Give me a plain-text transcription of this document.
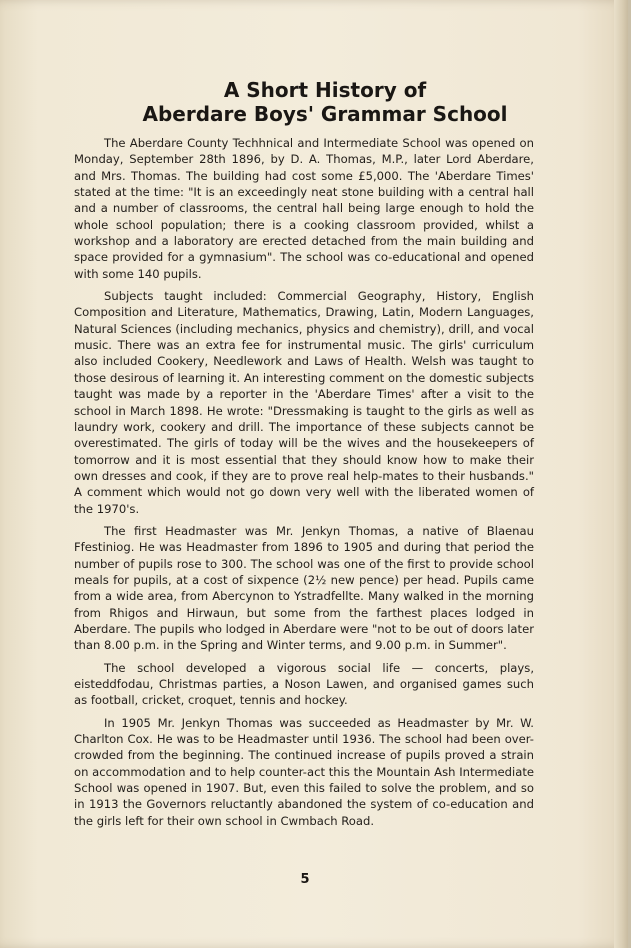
A Short History of
Aberdare Boys' Grammar School

The Aberdare County Techhnical and Intermediate School was opened on Monday, September 28th 1896, by D. A. Thomas, M.P., later Lord Aberdare, and Mrs. Thomas. The building had cost some £5,000. The 'Aberdare Times' stated at the time: "It is an exceedingly neat stone building with a central hall and a number of classrooms, the central hall being large enough to hold the whole school population; there is a cooking classroom provided, whilst a workshop and a laboratory are erected detached from the main building and space provided for a gymnasium". The school was co-educational and opened with some 140 pupils.

Subjects taught included: Commercial Geography, History, English Composition and Literature, Mathematics, Drawing, Latin, Modern Languages, Natural Sciences (including mechanics, physics and chemistry), drill, and vocal music. There was an extra fee for instrumental music. The girls' curriculum also included Cookery, Needlework and Laws of Health. Welsh was taught to those desirous of learning it. An interesting comment on the domestic subjects taught was made by a reporter in the 'Aberdare Times' after a visit to the school in March 1898. He wrote: "Dressmaking is taught to the girls as well as laundry work, cookery and drill. The importance of these subjects cannot be overestimated. The girls of today will be the wives and the housekeepers of tomorrow and it is most essential that they should know how to make their own dresses and cook, if they are to prove real help-mates to their husbands." A comment which would not go down very well with the liberated women of the 1970's.

The first Headmaster was Mr. Jenkyn Thomas, a native of Blaenau Ffestiniog. He was Headmaster from 1896 to 1905 and during that period the number of pupils rose to 300. The school was one of the first to provide school meals for pupils, at a cost of sixpence (2½ new pence) per head. Pupils came from a wide area, from Abercynon to Ystradfellte. Many walked in the morning from Rhigos and Hirwaun, but some from the farthest places lodged in Aberdare. The pupils who lodged in Aberdare were "not to be out of doors later than 8.00 p.m. in the Spring and Winter terms, and 9.00 p.m. in Summer".

The school developed a vigorous social life — concerts, plays, eisteddfodau, Christmas parties, a Noson Lawen, and organised games such as football, cricket, croquet, tennis and hockey.

In 1905 Mr. Jenkyn Thomas was succeeded as Headmaster by Mr. W. Charlton Cox. He was to be Headmaster until 1936. The school had been over-crowded from the beginning. The continued increase of pupils proved a strain on accommodation and to help counter-act this the Mountain Ash Intermediate School was opened in 1907. But, even this failed to solve the problem, and so in 1913 the Governors reluctantly abandoned the system of co-education and the girls left for their own school in Cwmbach Road.

5
